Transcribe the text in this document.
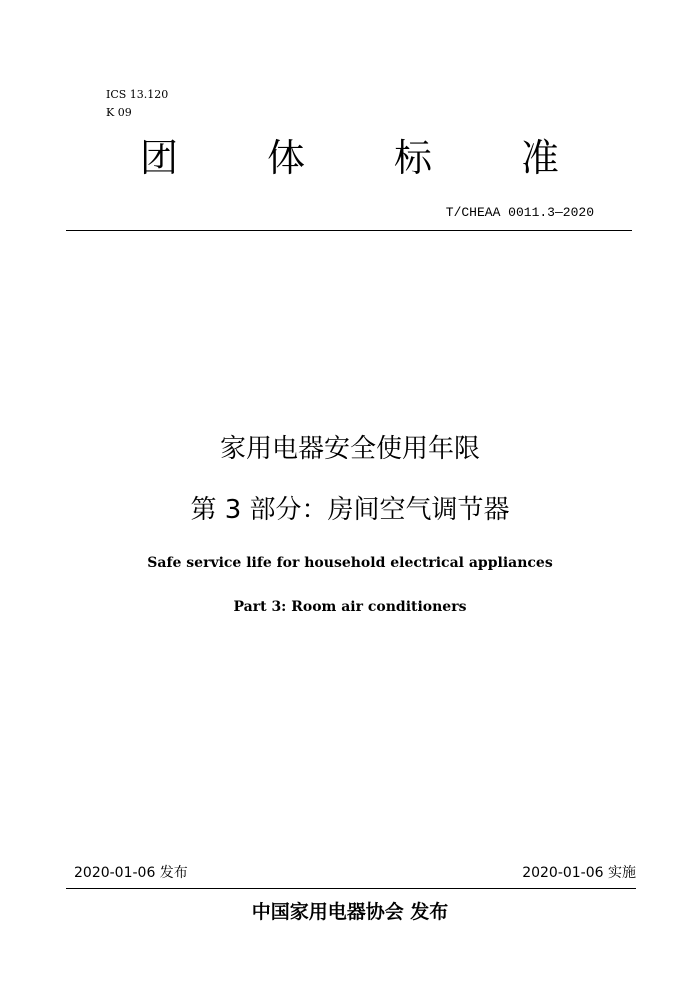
ICS 13.120
K 09
团 体 标 准
T/CHEAA 0011.3—2020
家用电器安全使用年限
第 3 部分：房间空气调节器
Safe service life for household electrical appliances
Part 3: Room air conditioners
2020-01-06 发布	2020-01-06 实施
中国家用电器协会 发布
